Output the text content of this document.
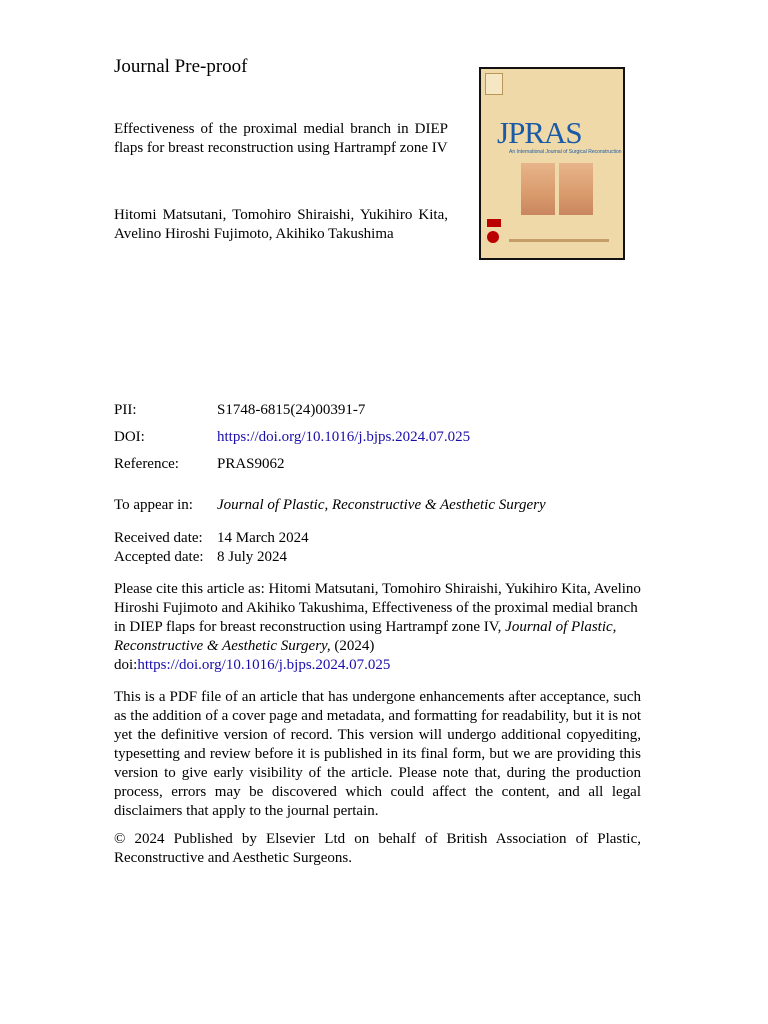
Journal Pre-proof
Effectiveness of the proximal medial branch in DIEP flaps for breast reconstruction using Hartrampf zone IV
Hitomi Matsutani, Tomohiro Shiraishi, Yukihiro Kita, Avelino Hiroshi Fujimoto, Akihiko Takushima
JPRAS
An International Journal of Surgical Reconstruction
PII:	S1748-6815(24)00391-7
DOI:	https://doi.org/10.1016/j.bjps.2024.07.025
Reference:	PRAS9062
To appear in: Journal of Plastic, Reconstructive & Aesthetic Surgery
Received date: 14 March 2024
Accepted date: 8 July 2024
Please cite this article as: Hitomi Matsutani, Tomohiro Shiraishi, Yukihiro Kita, Avelino Hiroshi Fujimoto and Akihiko Takushima, Effectiveness of the proximal medial branch in DIEP flaps for breast reconstruction using Hartrampf zone IV, Journal of Plastic, Reconstructive & Aesthetic Surgery, (2024)
doi:https://doi.org/10.1016/j.bjps.2024.07.025
This is a PDF file of an article that has undergone enhancements after acceptance, such as the addition of a cover page and metadata, and formatting for readability, but it is not yet the definitive version of record. This version will undergo additional copyediting, typesetting and review before it is published in its final form, but we are providing this version to give early visibility of the article. Please note that, during the production process, errors may be discovered which could affect the content, and all legal disclaimers that apply to the journal pertain.
© 2024 Published by Elsevier Ltd on behalf of British Association of Plastic, Reconstructive and Aesthetic Surgeons.
